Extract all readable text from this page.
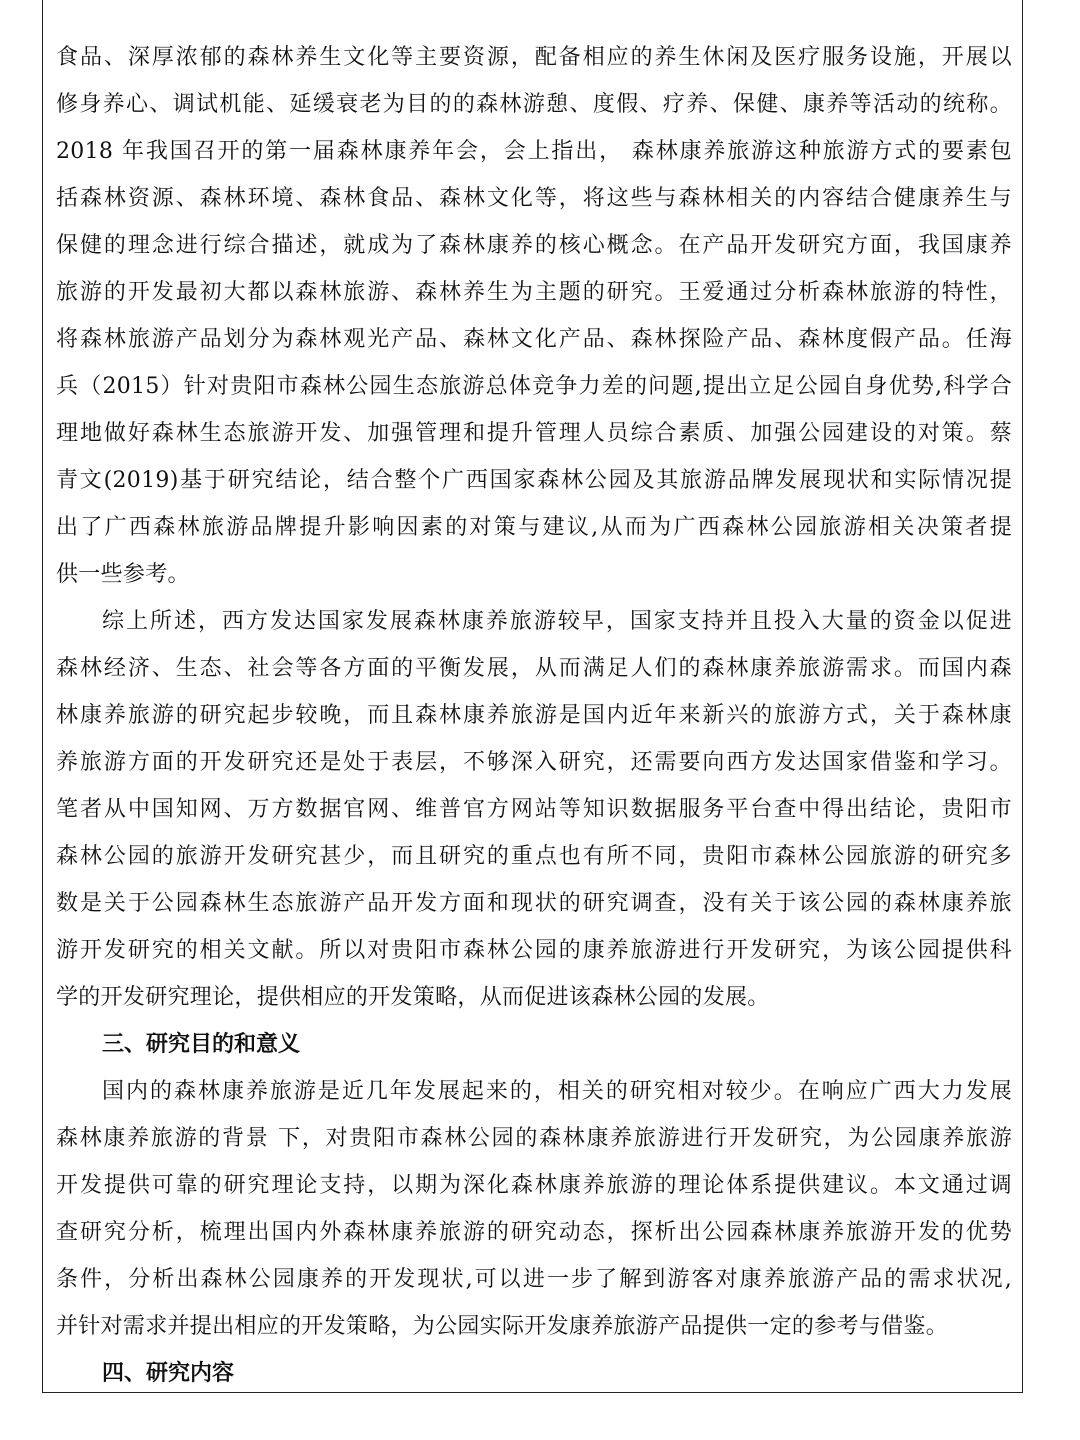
食品、深厚浓郁的森林养生文化等主要资源，配备相应的养生休闲及医疗服务设施，开展以
修身养心、调试机能、延缓衰老为目的的森林游憩、度假、疗养、保健、康养等活动的统称。
2018 年我国召开的第一届森林康养年会，会上指出， 森林康养旅游这种旅游方式的要素包
括森林资源、森林环境、森林食品、森林文化等，将这些与森林相关的内容结合健康养生与
保健的理念进行综合描述，就成为了森林康养的核心概念。在产品开发研究方面，我国康养
旅游的开发最初大都以森林旅游、森林养生为主题的研究。王爱通过分析森林旅游的特性，
将森林旅游产品划分为森林观光产品、森林文化产品、森林探险产品、森林度假产品。任海
兵（2015）针对贵阳市森林公园生态旅游总体竞争力差的问题,提出立足公园自身优势,科学合
理地做好森林生态旅游开发、加强管理和提升管理人员综合素质、加强公园建设的对策。蔡
青文(2019)基于研究结论，结合整个广西国家森林公园及其旅游品牌发展现状和实际情况提
出了广西森林旅游品牌提升影响因素的对策与建议,从而为广西森林公园旅游相关决策者提
供一些参考。
综上所述，西方发达国家发展森林康养旅游较早，国家支持并且投入大量的资金以促进
森林经济、生态、社会等各方面的平衡发展，从而满足人们的森林康养旅游需求。而国内森
林康养旅游的研究起步较晚，而且森林康养旅游是国内近年来新兴的旅游方式，关于森林康
养旅游方面的开发研究还是处于表层，不够深入研究，还需要向西方发达国家借鉴和学习。
笔者从中国知网、万方数据官网、维普官方网站等知识数据服务平台查中得出结论，贵阳市
森林公园的旅游开发研究甚少，而且研究的重点也有所不同，贵阳市森林公园旅游的研究多
数是关于公园森林生态旅游产品开发方面和现状的研究调查，没有关于该公园的森林康养旅
游开发研究的相关文献。所以对贵阳市森林公园的康养旅游进行开发研究，为该公园提供科
学的开发研究理论，提供相应的开发策略，从而促进该森林公园的发展。
三、研究目的和意义
国内的森林康养旅游是近几年发展起来的，相关的研究相对较少。在响应广西大力发展
森林康养旅游的背景 下，对贵阳市森林公园的森林康养旅游进行开发研究，为公园康养旅游
开发提供可靠的研究理论支持，以期为深化森林康养旅游的理论体系提供建议。本文通过调
查研究分析，梳理出国内外森林康养旅游的研究动态，探析出公园森林康养旅游开发的优势
条件，分析出森林公园康养的开发现状,可以进一步了解到游客对康养旅游产品的需求状况,
并针对需求并提出相应的开发策略，为公园实际开发康养旅游产品提供一定的参考与借鉴。
四、研究内容
